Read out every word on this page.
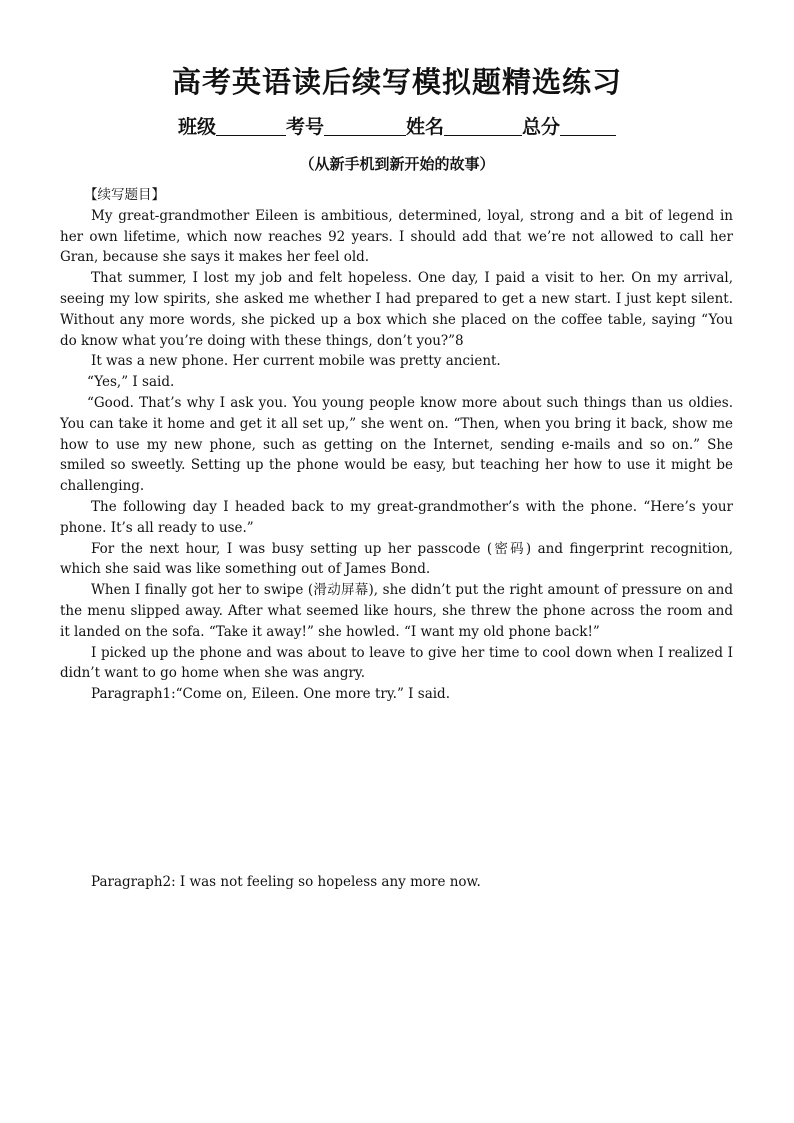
高考英语读后续写模拟题精选练习
班级	考号	姓名	总分
（从新手机到新开始的故事）

【续写题目】

My great-grandmother Eileen is ambitious, determined, loyal, strong and a bit of legend in her own lifetime, which now reaches 92 years. I should add that we’re not allowed to call her Gran, because she says it makes her feel old.

That summer, I lost my job and felt hopeless. One day, I paid a visit to her. On my arrival, seeing my low spirits, she asked me whether I had prepared to get a new start. I just kept silent. Without any more words, she picked up a box which she placed on the coffee table, saying “You do know what you’re doing with these things, don’t you?”8

It was a new phone. Her current mobile was pretty ancient.

“Yes,” I said.

“Good. That’s why I ask you. You young people know more about such things than us oldies. You can take it home and get it all set up,” she went on. “Then, when you bring it back, show me how to use my new phone, such as getting on the Internet, sending e-mails and so on.” She smiled so sweetly. Setting up the phone would be easy, but teaching her how to use it might be challenging.

The following day I headed back to my great-grandmother’s with the phone. “Here’s your phone. It’s all ready to use.”

For the next hour, I was busy setting up her passcode (密码) and fingerprint recognition, which she said was like something out of James Bond.

When I finally got her to swipe (滑动屏幕), she didn’t put the right amount of pressure on and the menu slipped away. After what seemed like hours, she threw the phone across the room and it landed on the sofa. “Take it away!” she howled. “I want my old phone back!”

I picked up the phone and was about to leave to give her time to cool down when I realized I didn’t want to go home when she was angry.

Paragraph1:“Come on, Eileen. One more try.” I said.

Paragraph2: I was not feeling so hopeless any more now.
